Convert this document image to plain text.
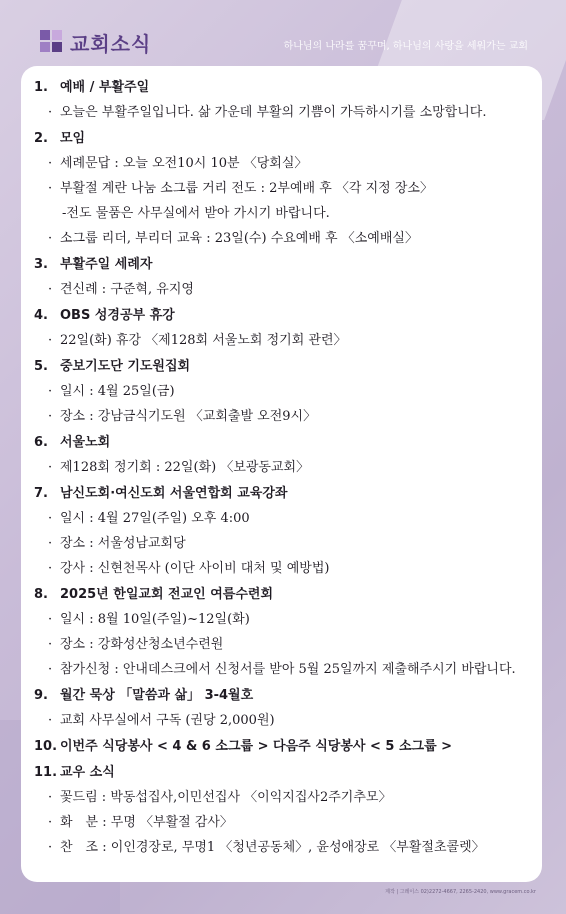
교회소식	하나님의 나라를 꿈꾸며, 하나님의 사랑을 세워가는 교회
1. 예배 / 부활주일
· 오늘은 부활주일입니다. 삶 가운데 부활의 기쁨이 가득하시기를 소망합니다.
2. 모임
· 세례문답 : 오늘 오전10시 10분 〈당회실〉
· 부활절 계란 나눔 소그룹 거리 전도 : 2부예배 후 〈각 지정 장소〉
-전도 물품은 사무실에서 받아 가시기 바랍니다.
· 소그룹 리더, 부리더 교육 : 23일(수) 수요예배 후 〈소예배실〉
3. 부활주일 세례자
· 견신례 : 구준혁, 유지영
4. OBS 성경공부 휴강
· 22일(화) 휴강 〈제128회 서울노회 정기회 관련〉
5. 중보기도단 기도원집회
· 일시 : 4월 25일(금)
· 장소 : 강남금식기도원 〈교회출발 오전9시〉
6. 서울노회
· 제128회 정기회 : 22일(화) 〈보광동교회〉
7. 남신도회·여신도회 서울연합회 교육강좌
· 일시 : 4월 27일(주일) 오후 4:00
· 장소 : 서울성남교회당
· 강사 : 신현천목사 (이단 사이비 대처 및 예방법)
8. 2025년 한일교회 전교인 여름수련회
· 일시 : 8월 10일(주일)~12일(화)
· 장소 : 강화성산청소년수련원
· 참가신청 : 안내데스크에서 신청서를 받아 5월 25일까지 제출해주시기 바랍니다.
9. 월간 묵상 「말씀과 삶」 3-4월호
· 교회 사무실에서 구독 (권당 2,000원)
10. 이번주 식당봉사 < 4 & 6 소그룹 > 다음주 식당봉사 < 5 소그룹 >
11. 교우 소식
· 꽃드림 : 박동섭집사,이민선집사 〈이익지집사2주기추모〉
· 화　분 : 무명 〈부활절 감사〉
· 찬　조 : 이인경장로, 무명1 〈청년공동체〉, 윤성애장로 〈부활절초콜렛〉
제작 | 그레이스 02)2272-4667, 2265-2420, www.gracem.co.kr
